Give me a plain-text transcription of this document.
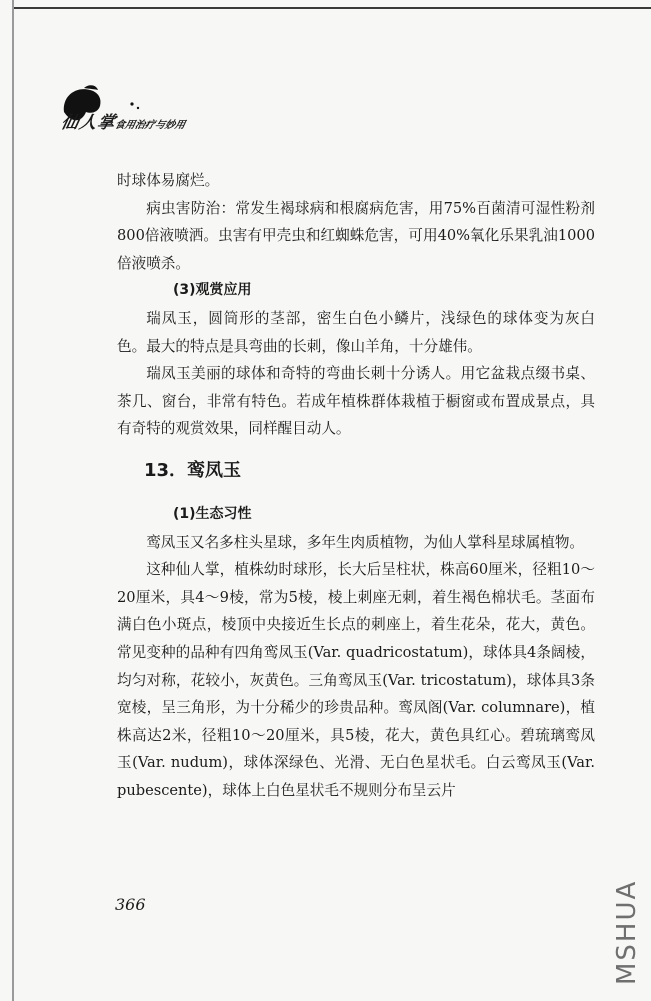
仙人掌食用治疗与妙用

时球体易腐烂。

病虫害防治：常发生褐球病和根腐病危害，用75%百菌清可湿性粉剂800倍液喷洒。虫害有甲壳虫和红蜘蛛危害，可用40%氧化乐果乳油1000倍液喷杀。

(3)观赏应用

瑞凤玉，圆筒形的茎部，密生白色小鳞片，浅绿色的球体变为灰白色。最大的特点是具弯曲的长刺，像山羊角，十分雄伟。

瑞凤玉美丽的球体和奇特的弯曲长刺十分诱人。用它盆栽点缀书桌、茶几、窗台，非常有特色。若成年植株群体栽植于橱窗或布置成景点，具有奇特的观赏效果，同样醒目动人。

13．鸾凤玉

(1)生态习性

鸾凤玉又名多柱头星球，多年生肉质植物，为仙人掌科星球属植物。

这种仙人掌，植株幼时球形，长大后呈柱状，株高60厘米，径粗10～20厘米，具4～9棱，常为5棱，棱上刺座无刺，着生褐色棉状毛。茎面布满白色小斑点，棱顶中央接近生长点的刺座上，着生花朵，花大，黄色。常见变种的品种有四角鸾凤玉(Var. quadricostatum)，球体具4条阔棱，均匀对称，花较小，灰黄色。三角鸾凤玉(Var. tricostatum)，球体具3条宽棱，呈三角形，为十分稀少的珍贵品种。鸾凤阁(Var. columnare)，植株高达2米，径粗10～20厘米，具5棱，花大，黄色具红心。碧琉璃鸾凤玉(Var. nudum)，球体深绿色、光滑、无白色星状毛。白云鸾凤玉(Var. pubescente)，球体上白色星状毛不规则分布呈云片

366	MSHUA
